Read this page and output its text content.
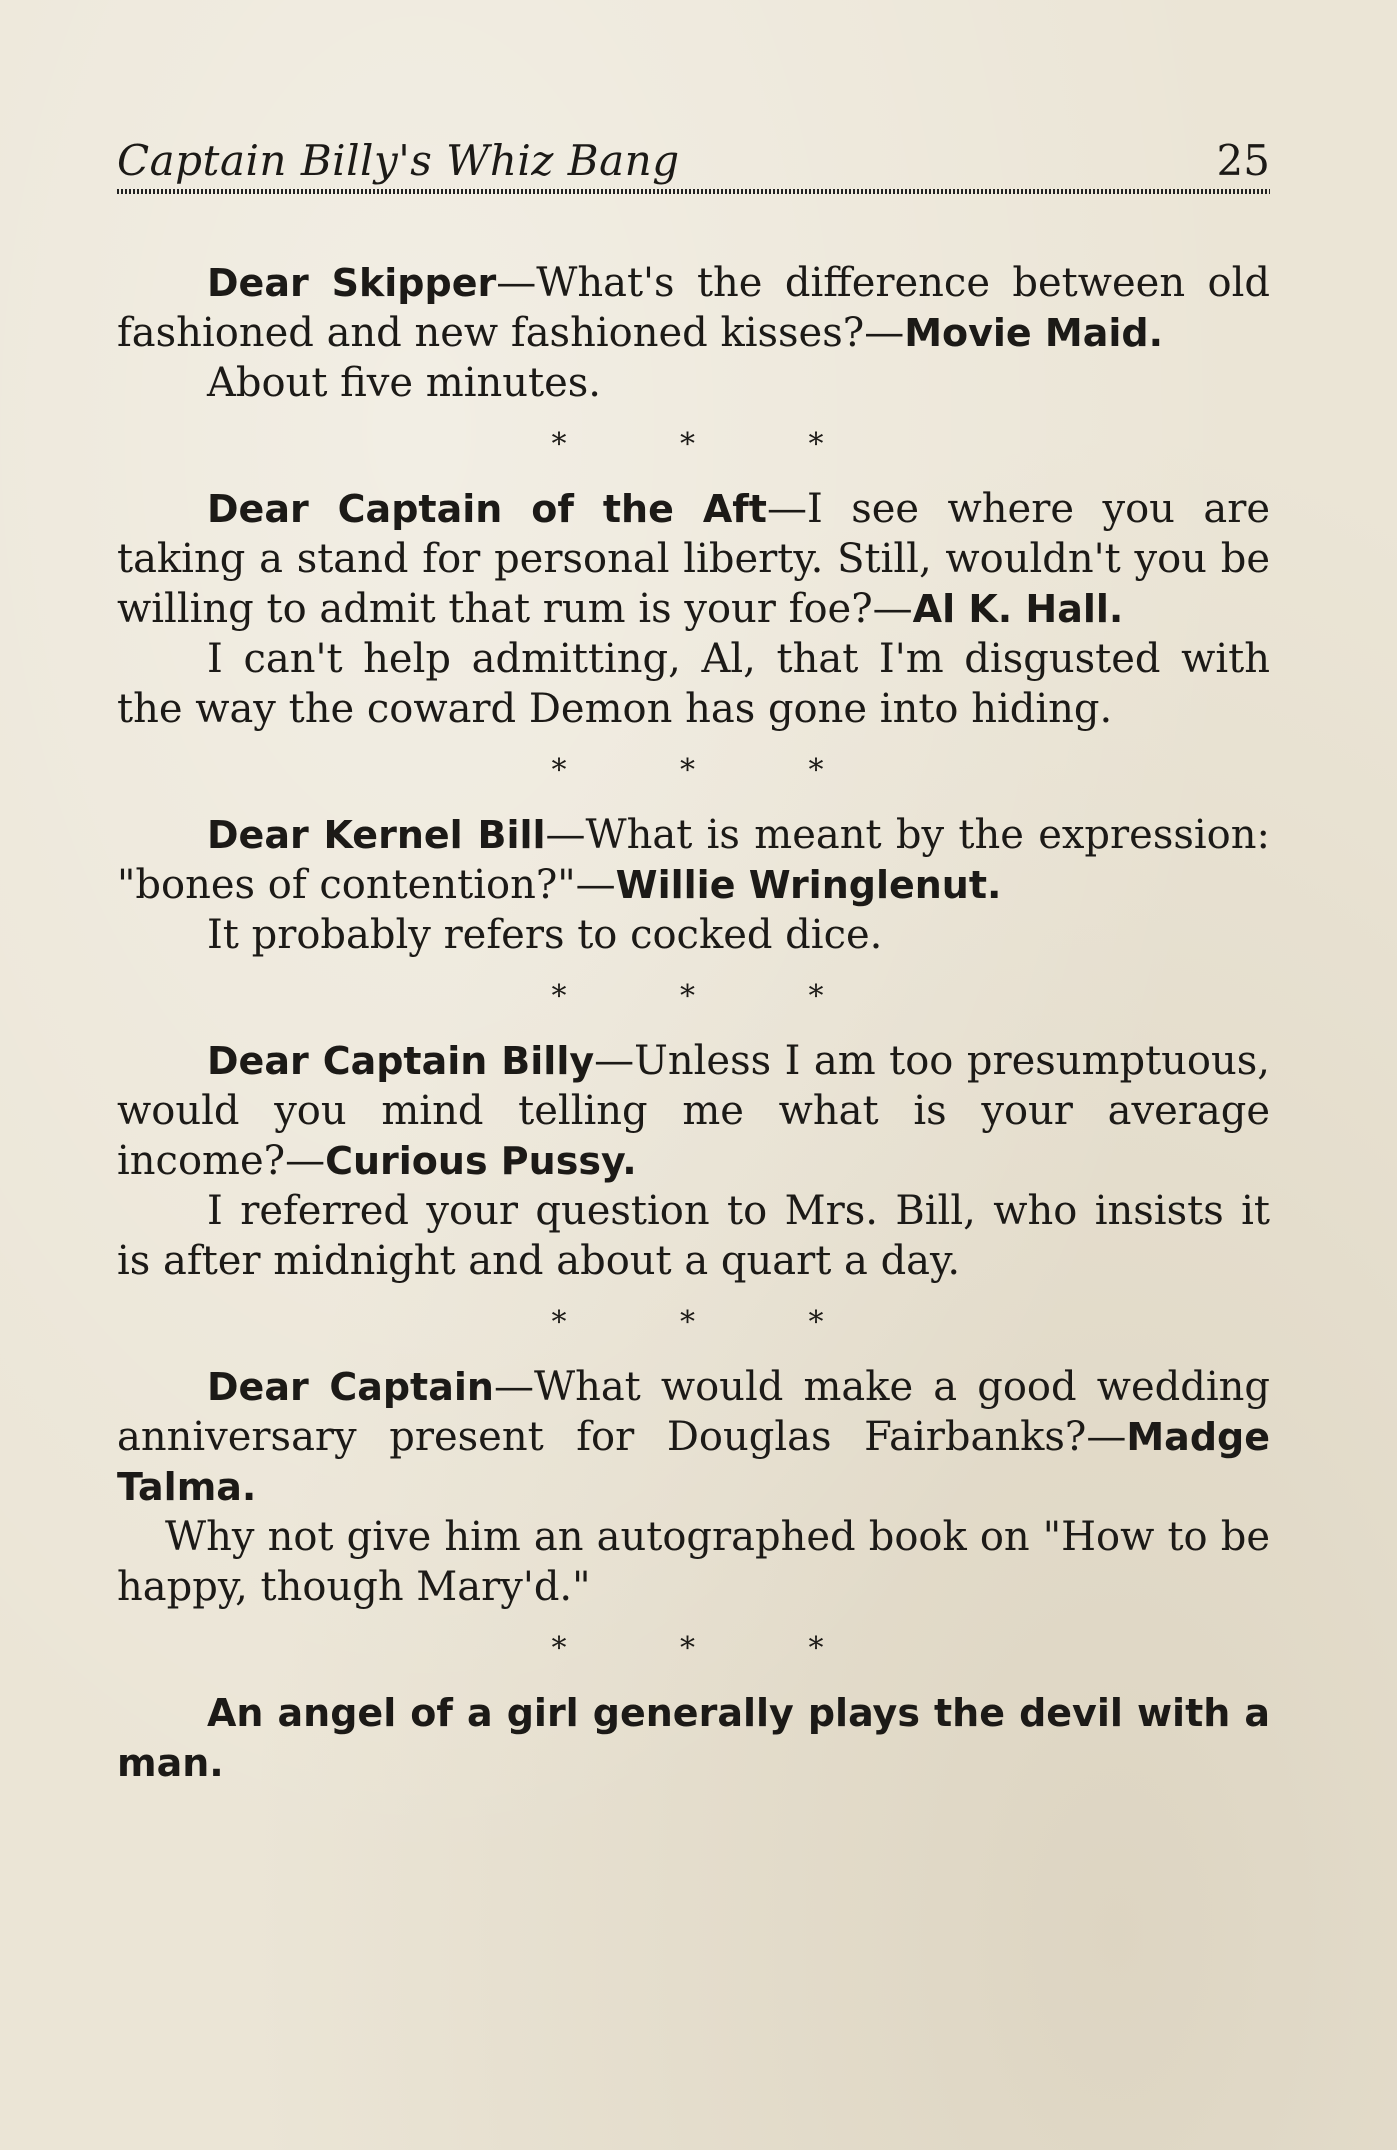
Captain Billy's Whiz Bang	25

Dear Skipper—What's the difference between old fashioned and new fashioned kisses?—Movie Maid.

About five minutes.

* * *

Dear Captain of the Aft—I see where you are taking a stand for personal liberty. Still, wouldn't you be willing to admit that rum is your foe?—Al K. Hall.

I can't help admitting, Al, that I'm disgusted with the way the coward Demon has gone into hiding.

* * *

Dear Kernel Bill—What is meant by the expression: "bones of contention?"—Willie Wringlenut.

It probably refers to cocked dice.

* * *

Dear Captain Billy—Unless I am too presumptuous, would you mind telling me what is your average income?—Curious Pussy.

I referred your question to Mrs. Bill, who insists it is after midnight and about a quart a day.

* * *

Dear Captain—What would make a good wedding anniversary present for Douglas Fairbanks?—Madge Talma.

Why not give him an autographed book on "How to be happy, though Mary'd."

* * *

An angel of a girl generally plays the devil with a man.
